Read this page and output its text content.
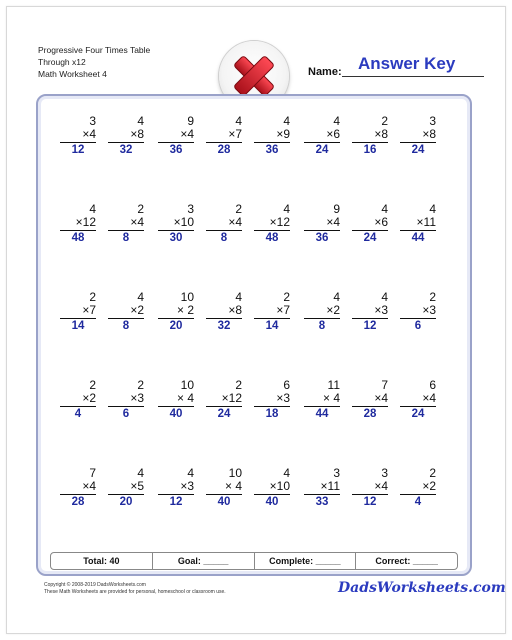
Progressive Four Times Table
Through x12
Math Worksheet 4	Name: Answer Key
3
×4
12
4
×8
32
9
×4
36
4
×7
28
4
×9
36
4
×6
24
2
×8
16
3
×8
24
4
×12
48
2
×4
8
3
×10
30
2
×4
8
4
×12
48
9
×4
36
4
×6
24
4
×11
44
2
×7
14
4
×2
8
10
× 2
20
4
×8
32
2
×7
14
4
×2
8
4
×3
12
2
×3
6
2
×2
4
2
×3
6
10
× 4
40
2
×12
24
6
×3
18
11
× 4
44
7
×4
28
6
×4
24
7
×4
28
4
×5
20
4
×3
12
10
× 4
40
4
×10
40
3
×11
33
3
×4
12
2
×2
4
Total: 40	Goal: _____	Complete: _____	Correct: _____
Copyright © 2008-2019 DadsWorksheets.com
These Math Worksheets are provided for personal, homeschool or classroom use.	DadsWorksheets.com
